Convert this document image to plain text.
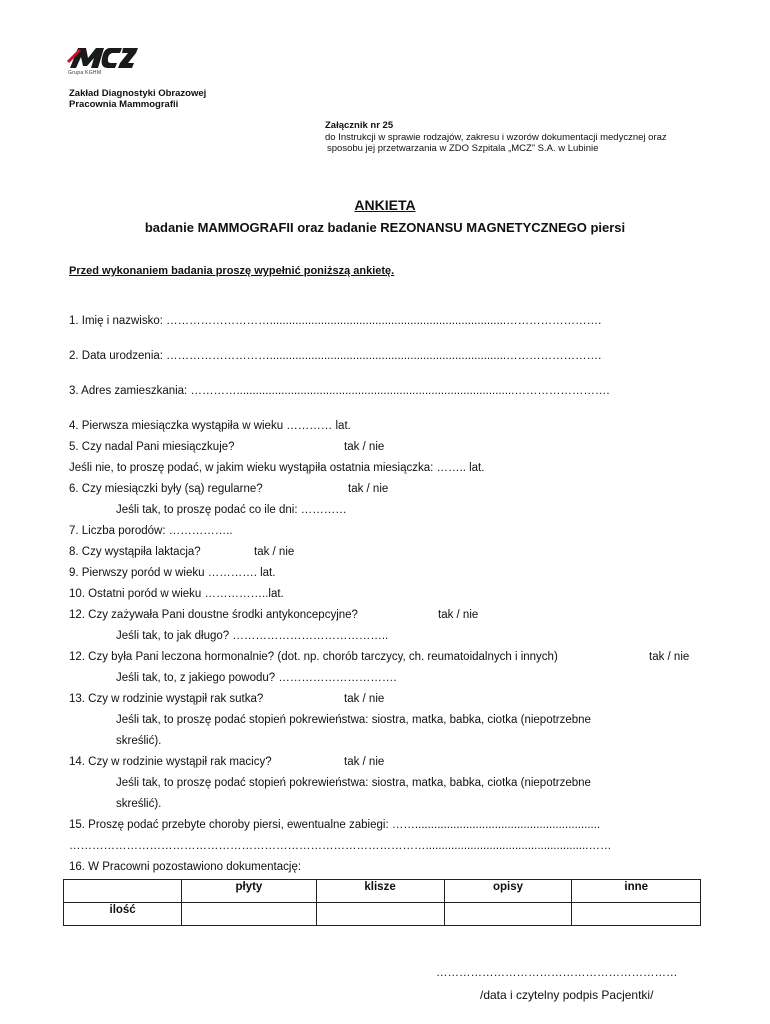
Grupa KGHM
Zakład Diagnostyki Obrazowej
Pracownia Mammografii
Załącznik nr 25
do Instrukcji w sprawie rodzajów, zakresu i wzorów dokumentacji medycznej oraz
sposobu jej przetwarzania w ZDO Szpitala „MCZ” S.A. w Lubinie
ANKIETA
badanie MAMMOGRAFII oraz badanie REZONANSU MAGNETYCZNEGO piersi
Przed wykonaniem badania proszę wypełnić poniższą ankietę.
1. Imię i nazwisko: ………………………..........................................................................…………………….
2. Data urodzenia: ………………………..........................................................................…………………….
3. Adres zamieszkania: ………….......................................................................................…………………….
4. Pierwsza miesiączka wystąpiła w wieku ………… lat.
5. Czy nadal Pani miesiączkuje?	tak / nie
Jeśli nie, to proszę podać, w jakim wieku wystąpiła ostatnia miesiączka: …….. lat.
6. Czy miesiączki były (są) regularne?	tak / nie
Jeśli tak, to proszę podać co ile dni: …………
7. Liczba porodów: ……………..
8. Czy wystąpiła laktacja?	tak / nie
9. Pierwszy poród w wieku …………. lat.
10. Ostatni poród w wieku ……………..lat.
12. Czy zażywała Pani doustne środki antykoncepcyjne?	tak / nie
Jeśli tak, to jak długo? …………………………………..
12. Czy była Pani leczona hormonalnie? (dot. np. chorób tarczycy, ch. reumatoidalnych i innych)	tak / nie
Jeśli tak, to, z jakiego powodu? ………………………….
13. Czy w rodzinie wystąpił rak sutka?	tak / nie
Jeśli tak, to proszę podać stopień pokrewieństwa: siostra, matka, babka, ciotka (niepotrzebne
skreślić).
14. Czy w rodzinie wystąpił rak macicy?	tak / nie
Jeśli tak, to proszę podać stopień pokrewieństwa: siostra, matka, babka, ciotka (niepotrzebne
skreślić).
15. Proszę podać przebyte choroby piersi, ewentualne zabiegi: ……..........................................................
…………………………………………………………………………………...................................................……
16. W Pracowni pozostawiono dokumentację:
	płyty	klisze	opisy	inne
ilość				
………………………………………………………
/data i czytelny podpis Pacjentki/
